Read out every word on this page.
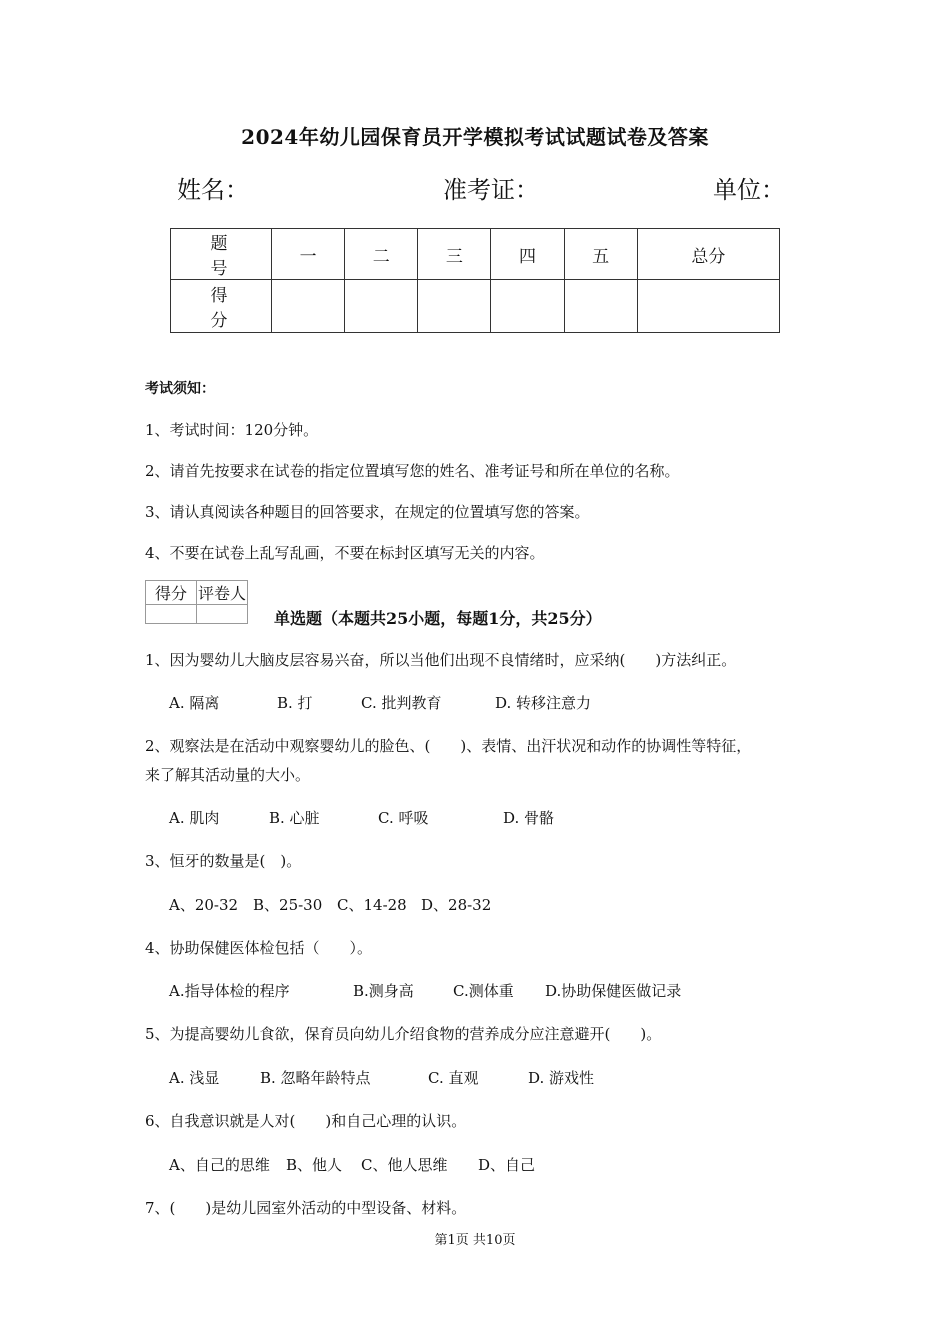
2024年幼儿园保育员开学模拟考试试题试卷及答案
姓名：	准考证：	单位：
题　号	一	二	三	四	五	总分
得　分						
考试须知：
1、考试时间：120分钟。
2、请首先按要求在试卷的指定位置填写您的姓名、准考证号和所在单位的名称。
3、请认真阅读各种题目的回答要求，在规定的位置填写您的答案。
4、不要在试卷上乱写乱画，不要在标封区填写无关的内容。
得分	评卷人

单选题（本题共25小题，每题1分，共25分）
1、因为婴幼儿大脑皮层容易兴奋，所以当他们出现不良情绪时，应采纳(　　)方法纠正。
A. 隔离	B. 打	C. 批判教育	D. 转移注意力
2、观察法是在活动中观察婴幼儿的脸色、(　　)、表情、出汗状况和动作的协调性等特征，
来了解其活动量的大小。
A. 肌肉	B. 心脏	C. 呼吸	D. 骨骼
3、恒牙的数量是(　)。
A、20-32 B、25-30 C、14-28 D、28-32
4、协助保健医体检包括（　　）。
A.指导体检的程序	B.测身高	C.测体重 D.协助保健医做记录
5、为提高婴幼儿食欲，保育员向幼儿介绍食物的营养成分应注意避开(　　)。
A. 浅显	B. 忽略年龄特点	C. 直观	D. 游戏性
6、自我意识就是人对(　　)和自己心理的认识。
A、自己的思维 B、他人 C、他人思维 D、自己
7、(　　)是幼儿园室外活动的中型设备、材料。
第1页 共10页
